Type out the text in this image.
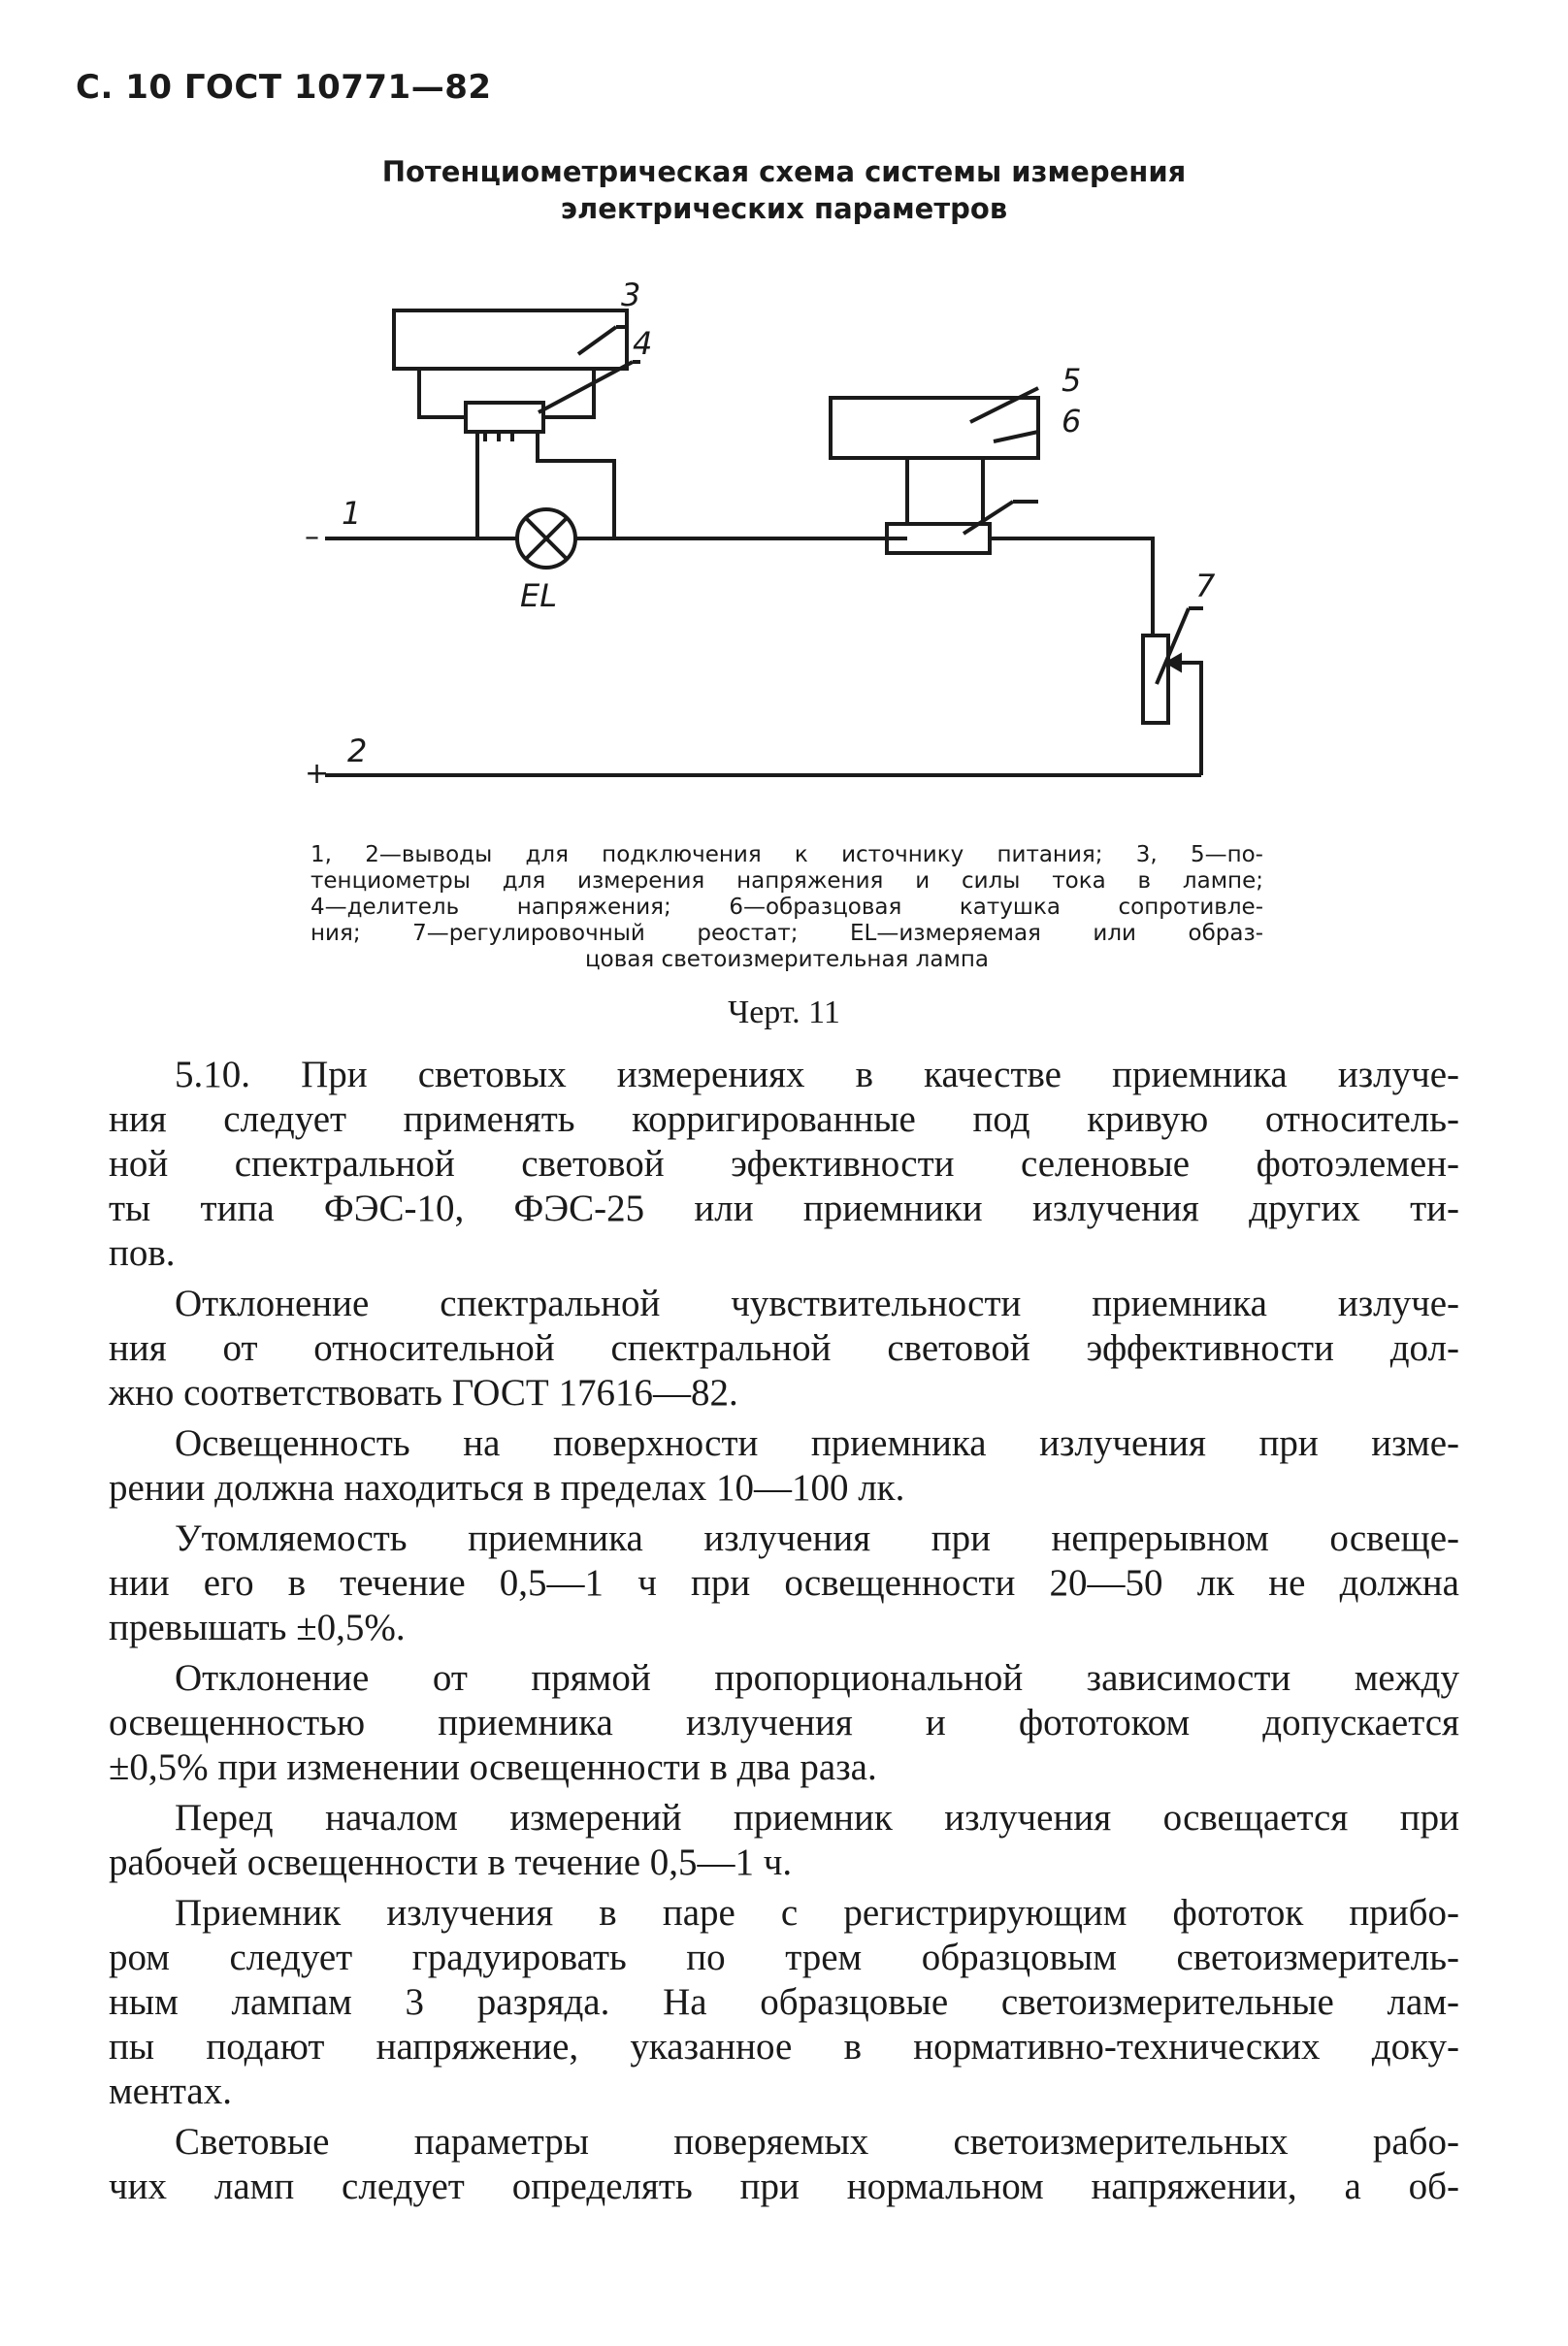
С. 10 ГОСТ 10771—82
Потенциометрическая схема системы измерения
электрических параметров
3
4
5
6
7
1
2
EL
–
+
1, 2—выводы для подключения к источнику питания; 3, 5—по-
тенциометры для измерения напряжения и силы тока в лампе;
4—делитель напряжения; 6—образцовая катушка сопротивле-
ния; 7—регулировочный реостат; EL—измеряемая или образ-
цовая светоизмерительная лампа
Черт. 11

5.10. При световых измерениях в качестве приемника излуче-
ния следует применять корригированные под кривую относитель-
ной спектральной световой эфективности селеновые фотоэлемен-
ты типа ФЭС-10, ФЭС-25 или приемники излучения других ти-
пов.

Отклонение спектральной чувствительности приемника излуче-
ния от относительной спектральной световой эффективности дол-
жно соответствовать ГОСТ 17616—82.

Освещенность на поверхности приемника излучения при изме-
рении должна находиться в пределах 10—100 лк.

Утомляемость приемника излучения при непрерывном освеще-
нии его в течение 0,5—1 ч при освещенности 20—50 лк не должна
превышать ±0,5%.

Отклонение от прямой пропорциональной зависимости между
освещенностью приемника излучения и фототоком допускается
±0,5% при изменении освещенности в два раза.

Перед началом измерений приемник излучения освещается при
рабочей освещенности в течение 0,5—1 ч.

Приемник излучения в паре с регистрирующим фототок прибо-
ром следует градуировать по трем образцовым светоизмеритель-
ным лампам 3 разряда. На образцовые светоизмерительные лам-
пы подают напряжение, указанное в нормативно-технических доку-
ментах.

Световые параметры поверяемых светоизмерительных рабо-
чих ламп следует определять при нормальном напряжении, а об-
